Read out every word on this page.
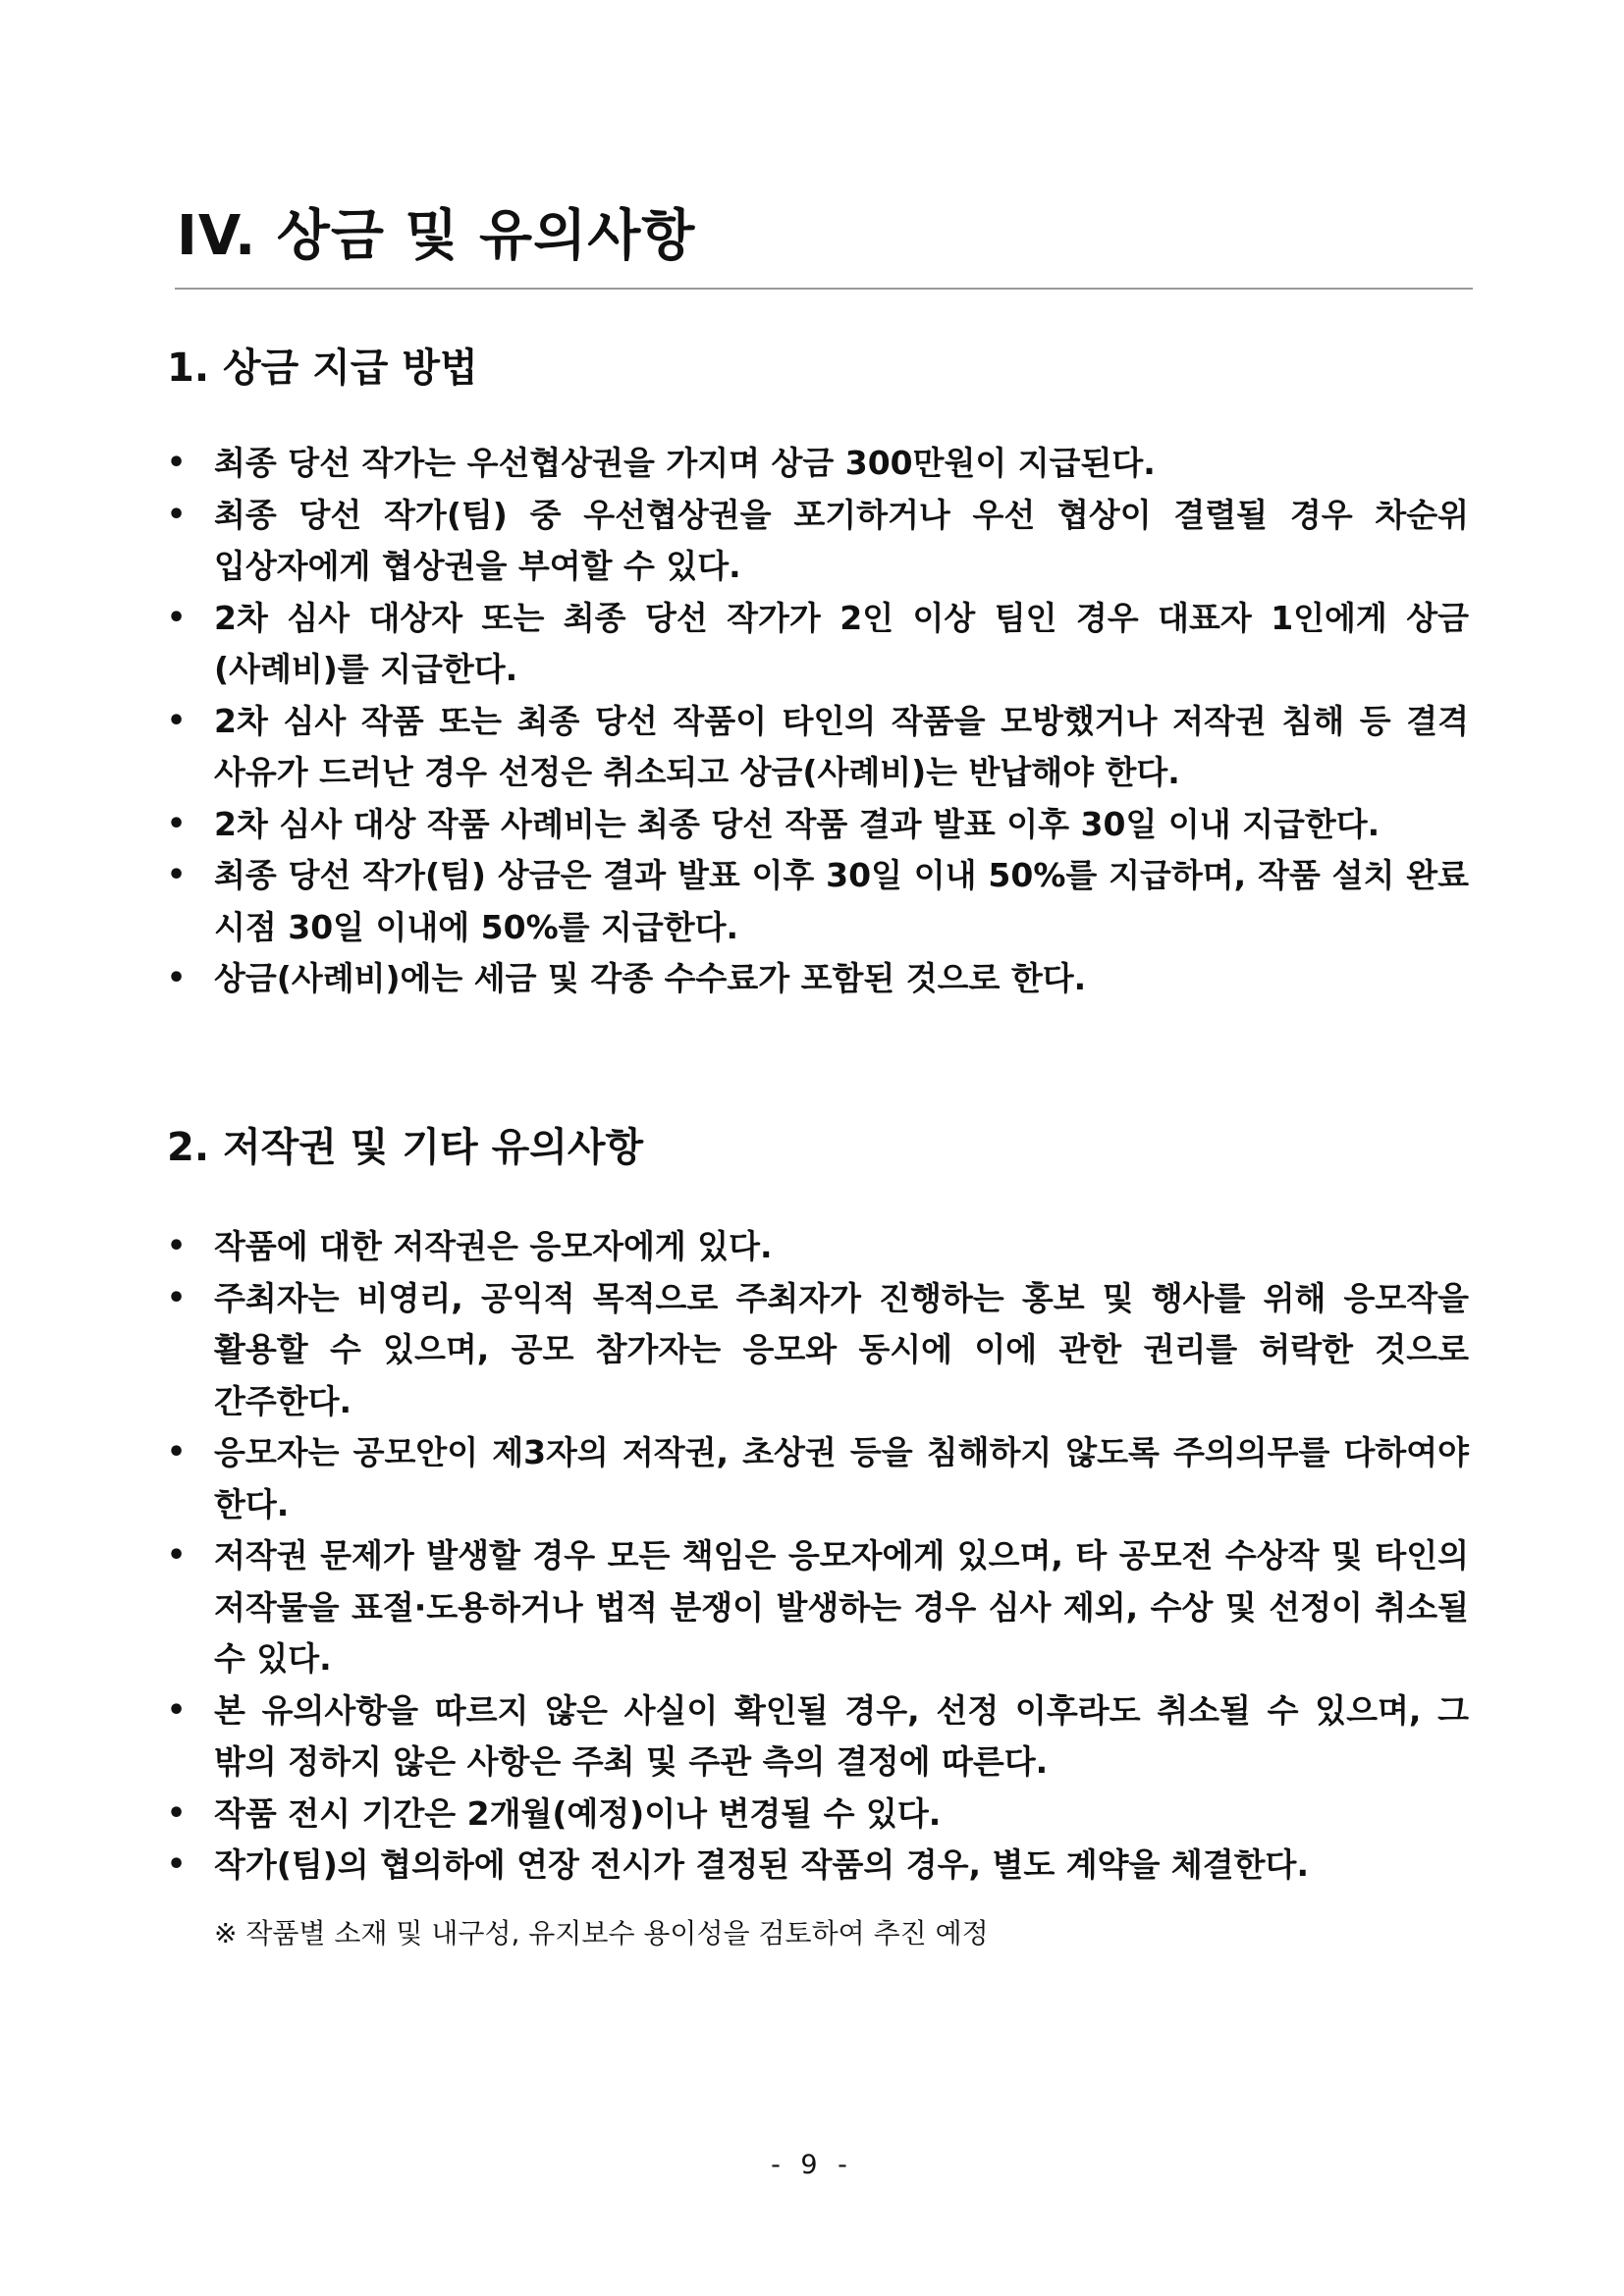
IV. 상금 및 유의사항
1. 상금 지급 방법
• 최종 당선 작가는 우선협상권을 가지며 상금 300만원이 지급된다.
• 최종 당선 작가(팀) 중 우선협상권을 포기하거나 우선 협상이 결렬될 경우 차순위 입상자에게 협상권을 부여할 수 있다.
• 2차 심사 대상자 또는 최종 당선 작가가 2인 이상 팀인 경우 대표자 1인에게 상금(사례비)를 지급한다.
• 2차 심사 작품 또는 최종 당선 작품이 타인의 작품을 모방했거나 저작권 침해 등 결격 사유가 드러난 경우 선정은 취소되고 상금(사례비)는 반납해야 한다.
• 2차 심사 대상 작품 사례비는 최종 당선 작품 결과 발표 이후 30일 이내 지급한다.
• 최종 당선 작가(팀) 상금은 결과 발표 이후 30일 이내 50%를 지급하며, 작품 설치 완료 시점 30일 이내에 50%를 지급한다.
• 상금(사례비)에는 세금 및 각종 수수료가 포함된 것으로 한다.
2. 저작권 및 기타 유의사항
• 작품에 대한 저작권은 응모자에게 있다.
• 주최자는 비영리, 공익적 목적으로 주최자가 진행하는 홍보 및 행사를 위해 응모작을 활용할 수 있으며, 공모 참가자는 응모와 동시에 이에 관한 권리를 허락한 것으로 간주한다.
• 응모자는 공모안이 제3자의 저작권, 초상권 등을 침해하지 않도록 주의의무를 다하여야 한다.
• 저작권 문제가 발생할 경우 모든 책임은 응모자에게 있으며, 타 공모전 수상작 및 타인의 저작물을 표절·도용하거나 법적 분쟁이 발생하는 경우 심사 제외, 수상 및 선정이 취소될 수 있다.
• 본 유의사항을 따르지 않은 사실이 확인될 경우, 선정 이후라도 취소될 수 있으며, 그 밖의 정하지 않은 사항은 주최 및 주관 측의 결정에 따른다.
• 작품 전시 기간은 2개월(예정)이나 변경될 수 있다.
• 작가(팀)의 협의하에 연장 전시가 결정된 작품의 경우, 별도 계약을 체결한다.

※ 작품별 소재 및 내구성, 유지보수 용이성을 검토하여 추진 예정

- 9 -
